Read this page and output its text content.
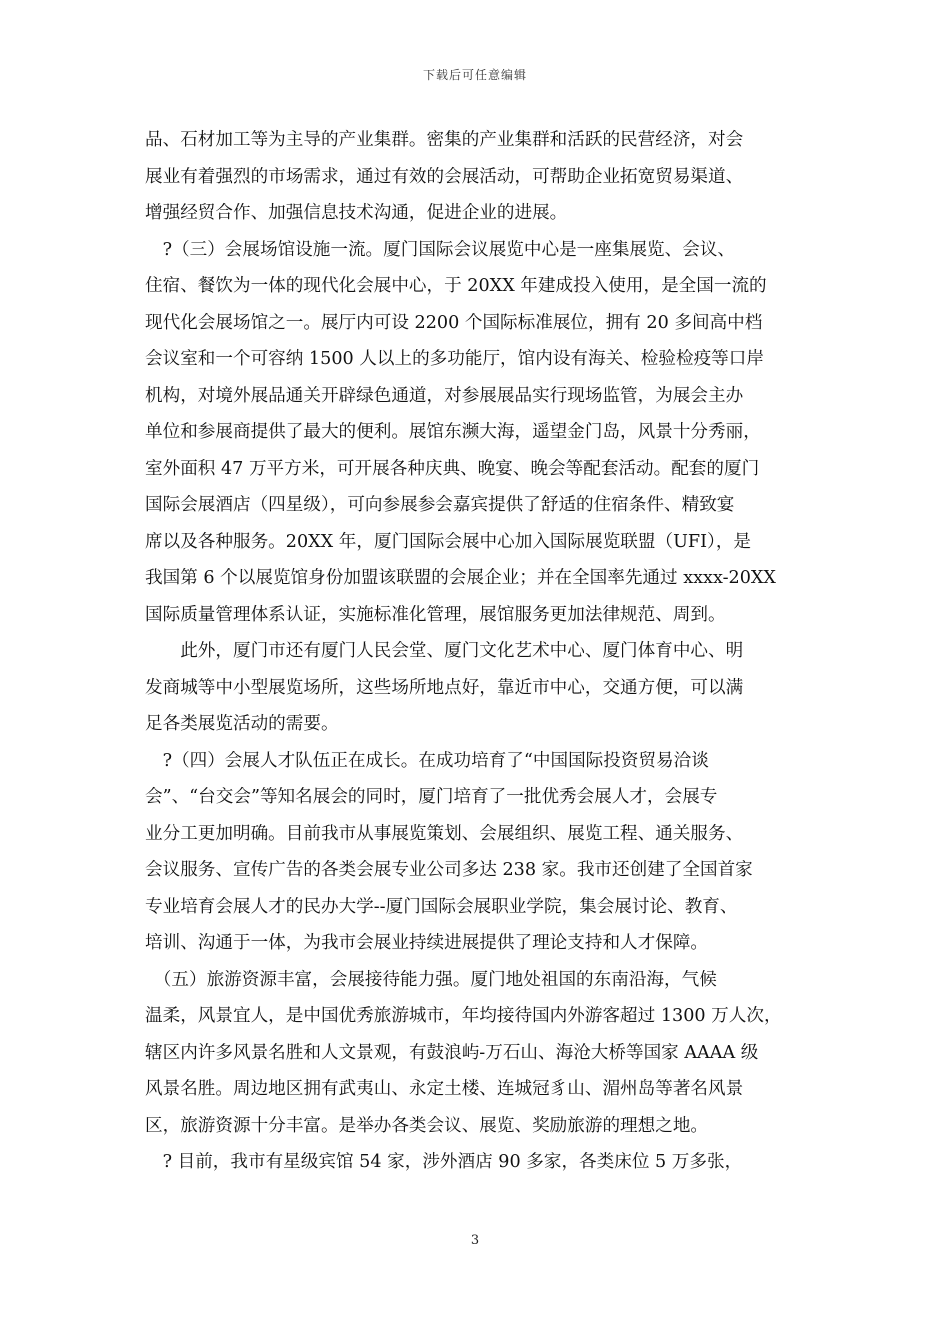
下载后可任意编辑
品、石材加工等为主导的产业集群。密集的产业集群和活跃的民营经济，对会
展业有着强烈的市场需求，通过有效的会展活动，可帮助企业拓宽贸易渠道、
增强经贸合作、加强信息技术沟通，促进企业的进展。
　?（三）会展场馆设施一流。厦门国际会议展览中心是一座集展览、会议、
住宿、餐饮为一体的现代化会展中心，于 20XX 年建成投入使用，是全国一流的
现代化会展场馆之一。展厅内可设 2200 个国际标准展位，拥有 20 多间高中档
会议室和一个可容纳 1500 人以上的多功能厅，馆内设有海关、检验检疫等口岸
机构，对境外展品通关开辟绿色通道，对参展展品实行现场监管，为展会主办
单位和参展商提供了最大的便利。展馆东濒大海，遥望金门岛，风景十分秀丽，
室外面积 47 万平方米，可开展各种庆典、晚宴、晚会等配套活动。配套的厦门
国际会展酒店（四星级），可向参展参会嘉宾提供了舒适的住宿条件、精致宴
席以及各种服务。20XX 年，厦门国际会展中心加入国际展览联盟（UFI），是
我国第 6 个以展览馆身份加盟该联盟的会展企业；并在全国率先通过 xxxx-20XX
国际质量管理体系认证，实施标准化管理，展馆服务更加法律规范、周到。
　　此外，厦门市还有厦门人民会堂、厦门文化艺术中心、厦门体育中心、明
发商城等中小型展览场所，这些场所地点好，靠近市中心，交通方便，可以满
足各类展览活动的需要。
　?（四）会展人才队伍正在成长。在成功培育了“中国国际投资贸易洽谈
会”、“台交会”等知名展会的同时，厦门培育了一批优秀会展人才，会展专
业分工更加明确。目前我市从事展览策划、会展组织、展览工程、通关服务、
会议服务、宣传广告的各类会展专业公司多达 238 家。我市还创建了全国首家
专业培育会展人才的民办大学--厦门国际会展职业学院，集会展讨论、教育、
培训、沟通于一体，为我市会展业持续进展提供了理论支持和人才保障。
　（五）旅游资源丰富，会展接待能力强。厦门地处祖国的东南沿海，气候
温柔，风景宜人，是中国优秀旅游城市，年均接待国内外游客超过 1300 万人次，
辖区内许多风景名胜和人文景观，有鼓浪屿-万石山、海沧大桥等国家 AAAA 级
风景名胜。周边地区拥有武夷山、永定土楼、连城冠豸山、湄州岛等著名风景
区，旅游资源十分丰富。是举办各类会议、展览、奖励旅游的理想之地。
　? 目前，我市有星级宾馆 54 家，涉外酒店 90 多家，各类床位 5 万多张，
3
